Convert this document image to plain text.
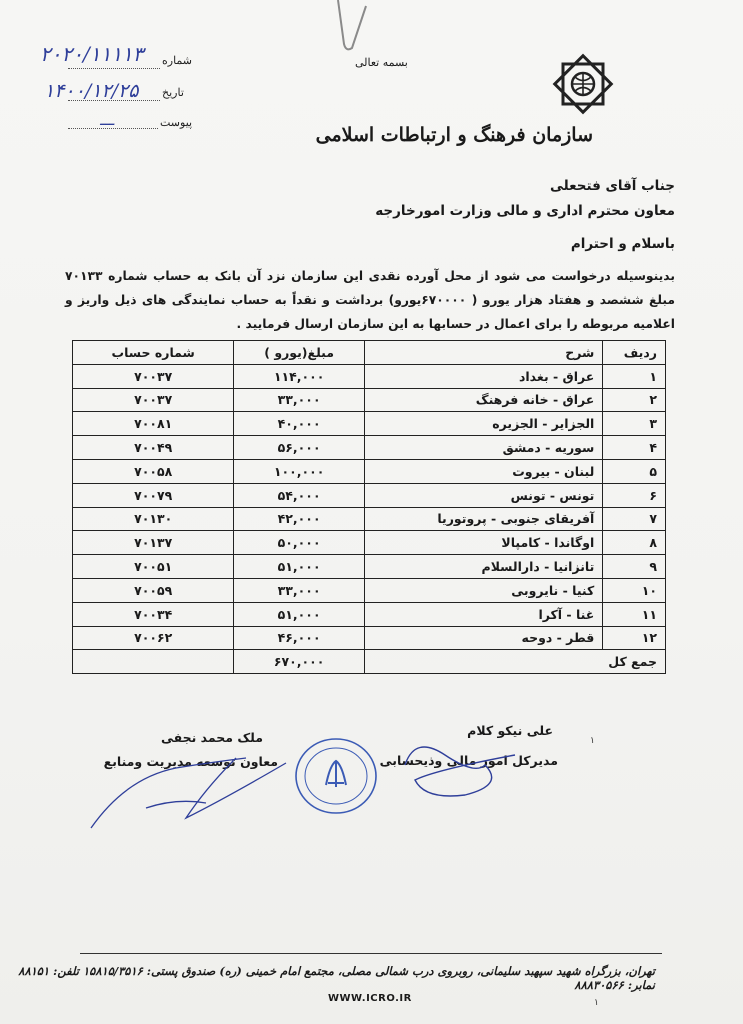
بسمه تعالی
سازمان فرهنگ و ارتباطات اسلامی
شماره
۲۰۲۰/۱۱۱۱۳
تاریخ
۱۴۰۰/۱۲/۲۵
پیوست
ـــ
جناب آقای فتحعلی
معاون محترم اداری و مالی وزارت امورخارجه
باسلام و احترام
بدینوسیله درخواست می شود از محل آورده نقدی این سازمان نزد آن بانک به حساب شماره ۷۰۱۳۳ مبلغ ششصد و هفتاد هزار یورو ( ۶۷۰۰۰۰یورو) برداشت و نقداً به حساب نمایندگی های ذیل واریز و اعلامیه مربوطه را برای اعمال در حسابها به این سازمان ارسال فرمایید .
ردیف	شرح	مبلغ(یورو )	شماره حساب
۱	عراق - بغداد	۱۱۴,۰۰۰	۷۰۰۳۷
۲	عراق - خانه فرهنگ	۳۳,۰۰۰	۷۰۰۳۷
۳	الجزایر - الجزیره	۴۰,۰۰۰	۷۰۰۸۱
۴	سوریه - دمشق	۵۶,۰۰۰	۷۰۰۴۹
۵	لبنان - بیروت	۱۰۰,۰۰۰	۷۰۰۵۸
۶	تونس - تونس	۵۴,۰۰۰	۷۰۰۷۹
۷	آفریقای جنوبی - پروتوریا	۴۲,۰۰۰	۷۰۱۳۰
۸	اوگاندا - کامپالا	۵۰,۰۰۰	۷۰۱۳۷
۹	تانزانیا - دارالسلام	۵۱,۰۰۰	۷۰۰۵۱
۱۰	کنیا - نایروبی	۳۳,۰۰۰	۷۰۰۵۹
۱۱	غنا - آکرا	۵۱,۰۰۰	۷۰۰۳۴
۱۲	قطر - دوحه	۴۶,۰۰۰	۷۰۰۶۲
جمع کل		۶۷۰,۰۰۰	
علی نیکو کلام
مدیرکل امور مالی وذیحسابی
۱
ملک محمد نجفی
معاون توسعه مدیریت ومنابع
تهران، بزرگراه شهید سپهبد سلیمانی، روبروی درب شمالی مصلی، مجتمع امام خمینی (ره) صندوق پستی: ۱۵۸۱۵/۳۵۱۶ تلفن: ۸۸۱۵۱ نمابر: ۸۸۸۳۰۵۶۶
WWW.ICRO.IR	۱
